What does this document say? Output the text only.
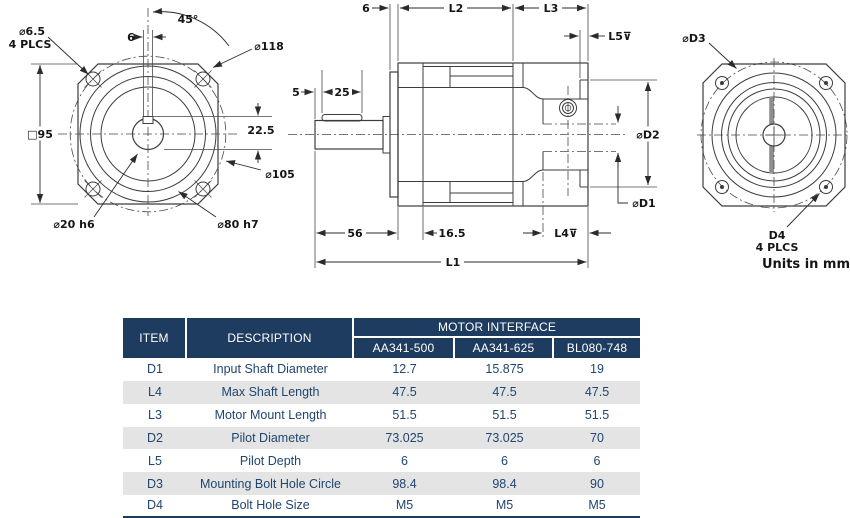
6
45°
⌀118
⌀6.5
4 PLCS
□95	22.5
⌀105
⌀20 h6	⌀80 h7
6	L2	L3
L5⊽
5	25
56	16.5	L4⊽
L1
⌀D2
⌀D1
⌀D3
D4
4 PLCS
Units in mm
ITEM	DESCRIPTION
MOTOR INTERFACE
AA341-500	AA341-625	BL080-748
D1	Input Shaft Diameter	12.7	15.875	19
L4	Max Shaft Length	47.5	47.5	47.5
L3	Motor Mount Length	51.5	51.5	51.5
D2	Pilot Diameter	73.025	73.025	70
L5	Pilot Depth	6	6	6
D3	Mounting Bolt Hole Circle	98.4	98.4	90
D4	Bolt Hole Size	M5	M5	M5
